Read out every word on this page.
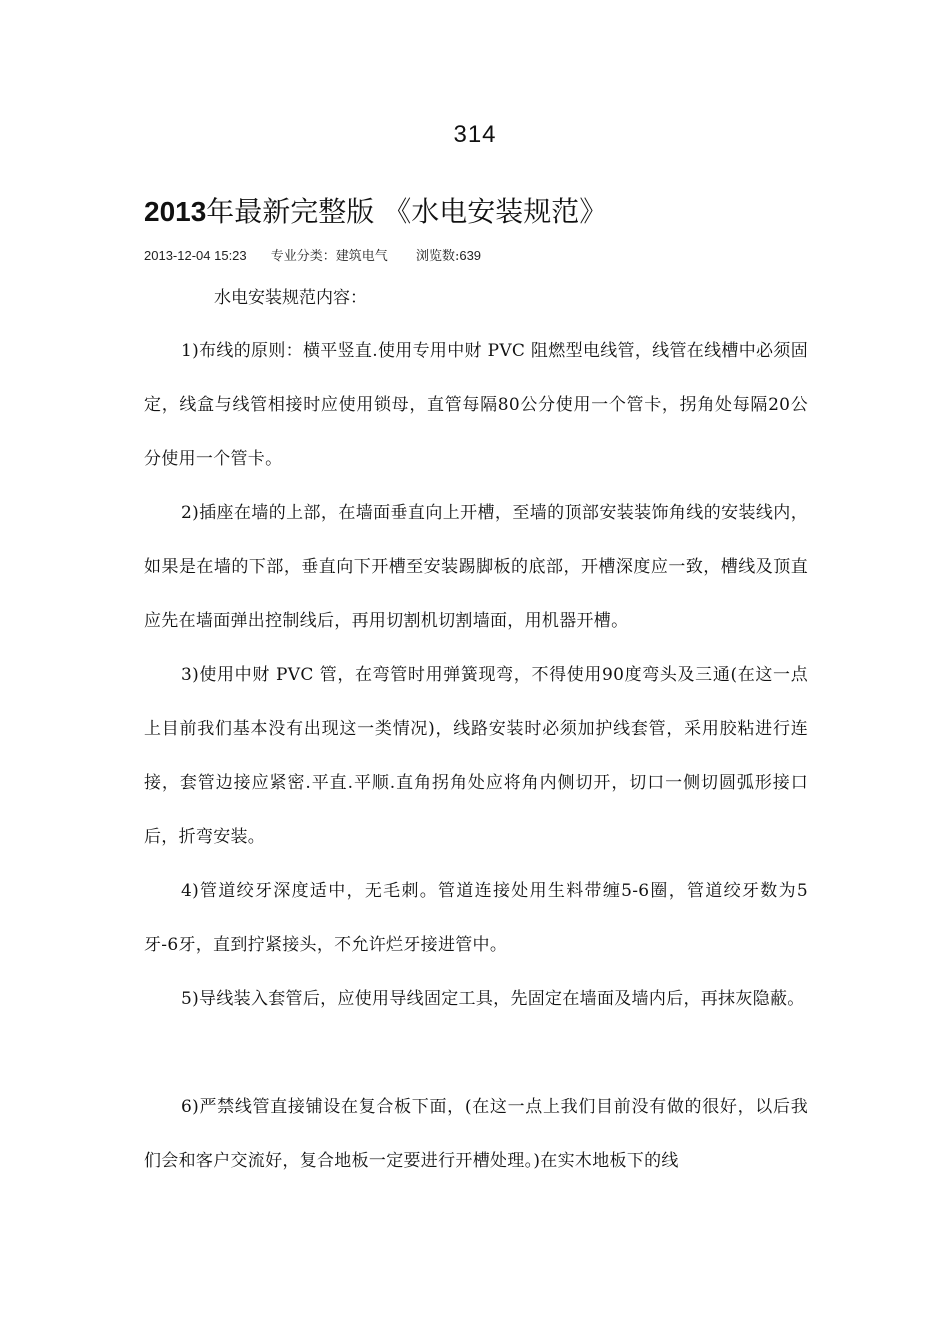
314
2013年最新完整版 《水电安装规范》
2013-12-04 15:23 专业分类：建筑电气 浏览数:639
水电安装规范内容：

1)布线的原则：横平竖直.使用专用中财 PVC 阻燃型电线管，线管在线槽中必须固定，线盒与线管相接时应使用锁母，直管每隔80公分使用一个管卡，拐角处每隔20公分使用一个管卡。

2)插座在墙的上部，在墙面垂直向上开槽，至墙的顶部安装装饰角线的安装线内，如果是在墙的下部，垂直向下开槽至安装踢脚板的底部，开槽深度应一致，槽线及顶直应先在墙面弹出控制线后，再用切割机切割墙面，用机器开槽。

3)使用中财 PVC 管，在弯管时用弹簧现弯，不得使用90度弯头及三通(在这一点上目前我们基本没有出现这一类情况)，线路安装时必须加护线套管，采用胶粘进行连接，套管边接应紧密.平直.平顺.直角拐角处应将角内侧切开，切口一侧切圆弧形接口后，折弯安装。

4)管道绞牙深度适中，无毛刺。管道连接处用生料带缠5-6圈，管道绞牙数为5牙-6牙，直到拧紧接头，不允许烂牙接进管中。

5)导线装入套管后，应使用导线固定工具，先固定在墙面及墙内后，再抹灰隐蔽。

6)严禁线管直接铺设在复合板下面，(在这一点上我们目前没有做的很好，以后我们会和客户交流好，复合地板一定要进行开槽处理。)在实木地板下的线
